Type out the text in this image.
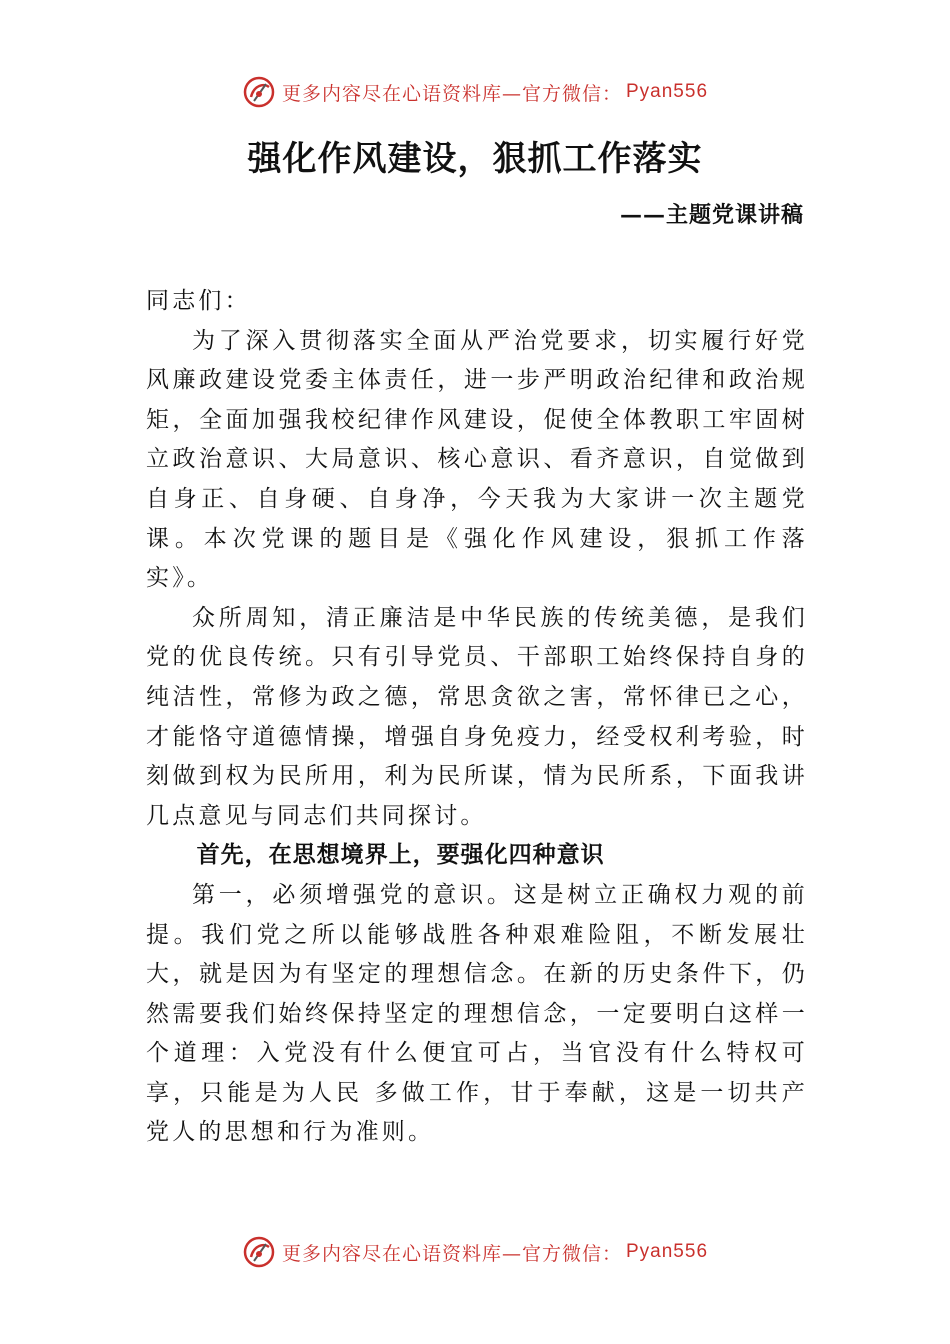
更多内容尽在心语资料库—官方微信： Pyan556
强化作风建设，狠抓工作落实
——主题党课讲稿

同志们：

为了深入贯彻落实全面从严治党要求，切实履行好党风廉政建设党委主体责任，进一步严明政治纪律和政治规矩，全面加强我校纪律作风建设，促使全体教职工牢固树立政治意识、大局意识、核心意识、看齐意识，自觉做到自身正、自身硬、自身净，今天我为大家讲一次主题党课。本次党课的题目是《强化作风建设，狠抓工作落实》。

众所周知，清正廉洁是中华民族的传统美德，是我们党的优良传统。只有引导党员、干部职工始终保持自身的纯洁性，常修为政之德，常思贪欲之害，常怀律已之心，才能恪守道德情操，增强自身免疫力，经受权利考验，时刻做到权为民所用，利为民所谋，情为民所系，下面我讲几点意见与同志们共同探讨。

首先，在思想境界上，要强化四种意识

第一，必须增强党的意识。这是树立正确权力观的前提。我们党之所以能够战胜各种艰难险阻，不断发展壮大，就是因为有坚定的理想信念。在新的历史条件下，仍然需要我们始终保持坚定的理想信念，一定要明白这样一个道理：入党没有什么便宜可占，当官没有什么特权可享，只能是为人民 多做工作，甘于奉献，这是一切共产党人的思想和行为准则。

更多内容尽在心语资料库—官方微信： Pyan556
